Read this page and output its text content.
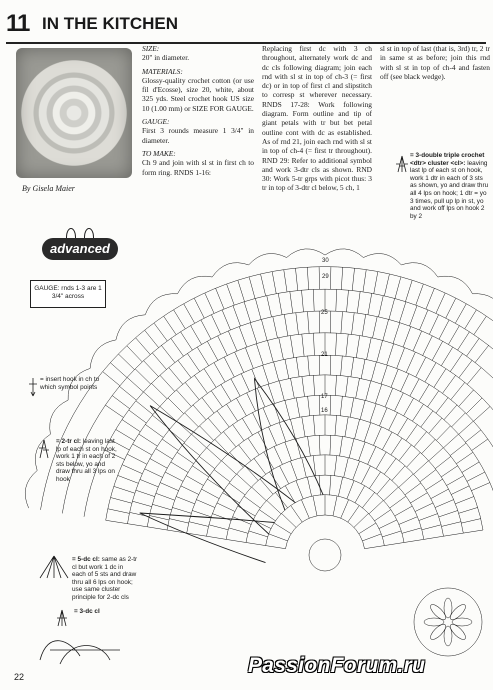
11 IN THE KITCHEN
By Gisela Maier
SIZE:

20" in diameter.

MATERIALS:

Glossy-quality crochet cotton (or use fil d'Ecosse), size 20, white, about 325 yds. Steel crochet hook US size 10 (1.00 mm) or SIZE FOR GAUGE.

GAUGE:

First 3 rounds measure 1 3/4" in diameter.

TO MAKE:

Ch 9 and join with sl st in first ch to form ring. RNDS 1-16:

Replacing first dc with 3 ch throughout, alternately work dc and dc cls following diagram; join each rnd with sl st in top of ch-3 (= first dc) or in top of first cl and slipstitch to corresp st wherever necessary. RNDS 17-28: Work following diagram. Form outline and tip of giant petals with tr but bet petal outline cont with dc as established. As of rnd 21, join each rnd with sl st in top of ch-4 (= first tr throughout). RND 29: Refer to additional symbol and work 3-dtr cls as shown. RND 30: Work 5-tr grps with picot thus: 3 tr in top of 3-dtr cl below, 5 ch, 1

sl st in top of last (that is, 3rd) tr, 2 tr in same st as before; join this rnd with sl st in top of ch-4 and fasten off (see black wedge).

advanced
GAUGE: rnds 1-3 are 1 3/4" across
30
29
25
21
17
16
= 3-double triple crochet <dtr> cluster <cl>: leaving last lp of each st on hook, work 1 dtr in each of 3 sts as shown, yo and draw thru all 4 lps on hook; 1 dtr = yo 3 times, pull up lp in st, yo and work off lps on hook 2 by 2
= insert hook in ch to which symbol points
= 2-tr cl: leaving last lp of each st on hook, work 1 tr in each of 2 sts below, yo and draw thru all 3 lps on hook
= 5-dc cl: same as 2-tr cl but work 1 dc in each of 5 sts and draw thru all 6 lps on hook; use same cluster principle for 2-dc cls
= 3-dc cl
22	PassionForum.ru
